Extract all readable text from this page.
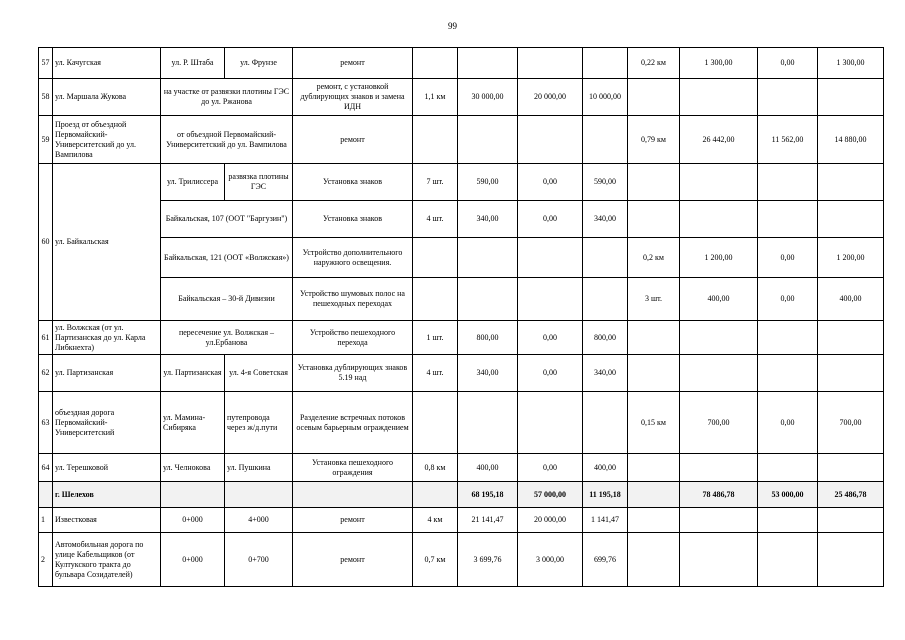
99
57	ул. Качугская	ул. Р. Штаба	ул. Фрунзе	ремонт					0,22 км	1 300,00	0,00	1 300,00
58	ул. Маршала Жукова	на участке от развязки плотины ГЭС до ул. Ржанова		ремонт, с установкой дублирующих знаков и замена ИДН	1,1 км	30 000,00	20 000,00	10 000,00				
59	Проезд от объездной Первомайский-Университетский до ул. Вампилова	от объездной Первомайский-Университетский до ул. Вампилова		ремонт					0,79 км	26 442,00	11 562,00	14 880,00
60	ул. Байкальская	ул. Трилиссера	развязка плотины ГЭС	Установка знаков	7 шт.	590,00	0,00	590,00				
		Байкальская, 107 (ООТ "Баргузин")		Установка знаков	4 шт.	340,00	0,00	340,00				
		Байкальская, 121 (ООТ «Волжская»)		Устройство дополнительного наружного освещения.					0,2 км	1 200,00	0,00	1 200,00
		Байкальская – 30-й Дивизии		Устройство шумовых полос на пешеходных переходах					3 шт.	400,00	0,00	400,00
61	ул. Волжская (от ул. Партизанская до ул. Карла Либкнехта)	пересечение ул. Волжская – ул.Ербанова		Устройство пешеходного перехода	1 шт.	800,00	0,00	800,00				
62	ул. Партизанская	ул. Партизанская	ул. 4-я Советская	Установка дублирующих знаков 5.19 над	4 шт.	340,00	0,00	340,00				
63	объездная дорога Первомайский-Университетский	ул. Мамина-Сибиряка	путепровода через ж/д.пути	Разделение встречных потоков осевым барьерным ограждением					0,15 км	700,00	0,00	700,00
64	ул. Терешковой	ул. Челнокова	ул. Пушкина	Установка пешеходного ограждения	0,8 км	400,00	0,00	400,00				
	г. Шелехов					68 195,18	57 000,00	11 195,18		78 486,78	53 000,00	25 486,78
1	Известковая	0+000	4+000	ремонт	4 км	21 141,47	20 000,00	1 141,47				
2	Автомобильная дорога по улице Кабельщиков (от Култукского тракта до бульвара Созидателей)	0+000	0+700	ремонт	0,7 км	3 699,76	3 000,00	699,76				
